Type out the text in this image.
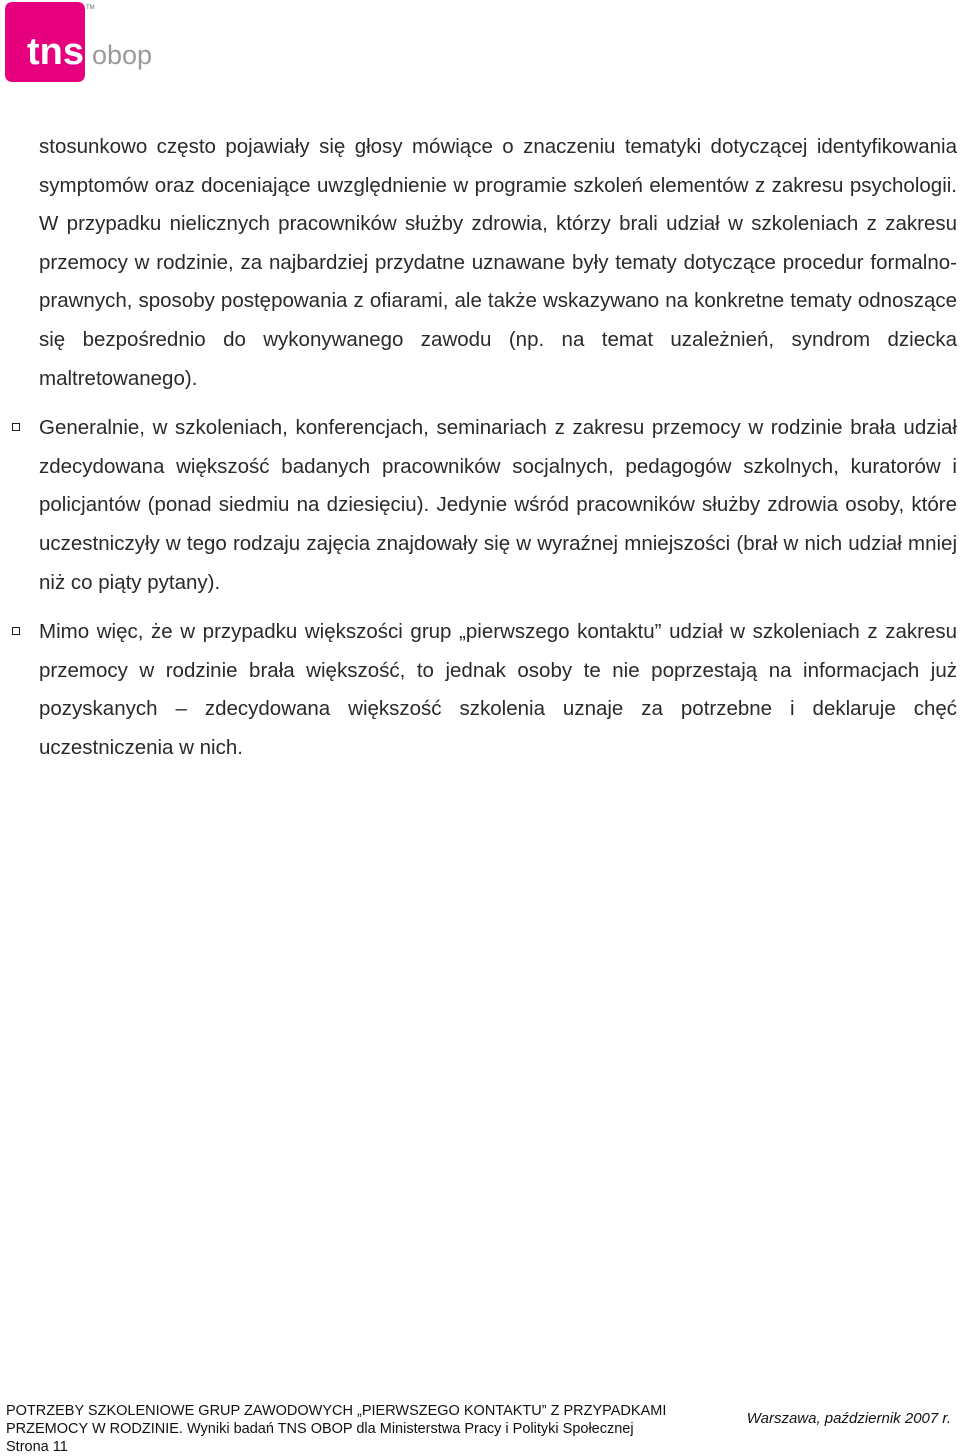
tns obop
TM

stosunkowo często pojawiały się głosy mówiące o znaczeniu tematyki dotyczącej identyfikowania symptomów oraz doceniające uwzględnienie w programie szkoleń elementów z zakresu psychologii. W przypadku nielicznych pracowników służby zdrowia, którzy brali udział w szkoleniach z zakresu przemocy w rodzinie, za najbardziej przydatne uznawane były tematy dotyczące procedur formalno-prawnych, sposoby postępowania z ofiarami, ale także wskazywano na konkretne tematy odnoszące się bezpośrednio do wykonywanego zawodu (np. na temat uzależnień, syndrom dziecka maltretowanego).

Generalnie, w szkoleniach, konferencjach, seminariach z zakresu przemocy w rodzinie brała udział zdecydowana większość badanych pracowników socjalnych, pedagogów szkolnych, kuratorów i policjantów (ponad siedmiu na dziesięciu). Jedynie wśród pracowników służby zdrowia osoby, które uczestniczyły w tego rodzaju zajęcia znajdowały się w wyraźnej mniejszości (brał w nich udział mniej niż co piąty pytany).

Mimo więc, że w przypadku większości grup „pierwszego kontaktu” udział w szkoleniach z zakresu przemocy w rodzinie brała większość, to jednak osoby te nie poprzestają na informacjach już pozyskanych – zdecydowana większość szkolenia uznaje za potrzebne i deklaruje chęć uczestniczenia w nich.

POTRZEBY SZKOLENIOWE GRUP ZAWODOWYCH „PIERWSZEGO KONTAKTU” Z PRZYPADKAMI
PRZEMOCY W RODZINIE. Wyniki badań TNS OBOP dla Ministerstwa Pracy i Polityki Społecznej
Strona 11
Warszawa, październik 2007 r.
